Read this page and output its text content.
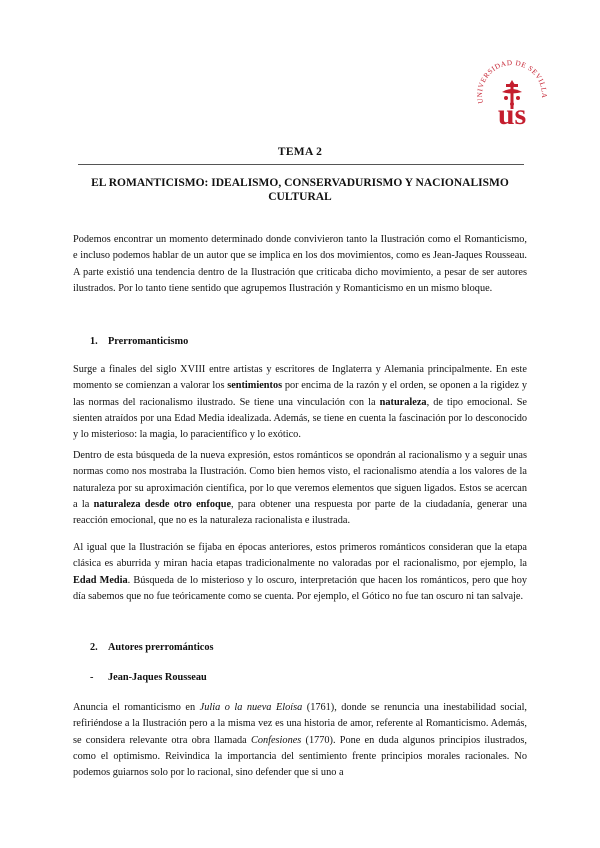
UNIVERSIDAD DE SEVILLA
us
TEMA 2
EL ROMANTICISMO: IDEALISMO, CONSERVADURISMO Y NACIONALISMO CULTURAL

Podemos encontrar un momento determinado donde convivieron tanto la Ilustración como el Romanticismo, e incluso podemos hablar de un autor que se implica en los dos movimientos, como es Jean-Jaques Rousseau. A parte existió una tendencia dentro de la Ilustración que criticaba dicho movimiento, a pesar de ser autores ilustrados. Por lo tanto tiene sentido que agrupemos Ilustración y Romanticismo en un mismo bloque.

1. Prerromanticismo

Surge a finales del siglo XVIII entre artistas y escritores de Inglaterra y Alemania principalmente. En este momento se comienzan a valorar los sentimientos por encima de la razón y el orden, se oponen a la rigidez y las normas del racionalismo ilustrado. Se tiene una vinculación con la naturaleza, de tipo emocional. Se sienten atraídos por una Edad Media idealizada. Además, se tiene en cuenta la fascinación por lo desconocido y lo misterioso: la magia, lo paracientífico y lo exótico.

Dentro de esta búsqueda de la nueva expresión, estos románticos se opondrán al racionalismo y a seguir unas normas como nos mostraba la Ilustración. Como bien hemos visto, el racionalismo atendía a los valores de la naturaleza por su aproximación científica, por lo que veremos elementos que siguen ligados. Estos se acercan a la naturaleza desde otro enfoque, para obtener una respuesta por parte de la ciudadanía, generar una reacción emocional, que no es la naturaleza racionalista e ilustrada.

Al igual que la Ilustración se fijaba en épocas anteriores, estos primeros románticos consideran que la etapa clásica es aburrida y miran hacia etapas tradicionalmente no valoradas por el racionalismo, por ejemplo, la Edad Media. Búsqueda de lo misterioso y lo oscuro, interpretación que hacen los románticos, pero que hoy día sabemos que no fue teóricamente como se cuenta. Por ejemplo, el Gótico no fue tan oscuro ni tan salvaje.

2. Autores prerrománticos
- Jean-Jaques Rousseau

Anuncia el romanticismo en Julia o la nueva Eloísa (1761), donde se renuncia una inestabilidad social, refiriéndose a la Ilustración pero a la misma vez es una historia de amor, referente al Romanticismo. Además, se considera relevante otra obra llamada Confesiones (1770). Pone en duda algunos principios ilustrados, como el optimismo. Reivindica la importancia del sentimiento frente principios morales racionales. No podemos guiarnos solo por lo racional, sino defender que si uno a
